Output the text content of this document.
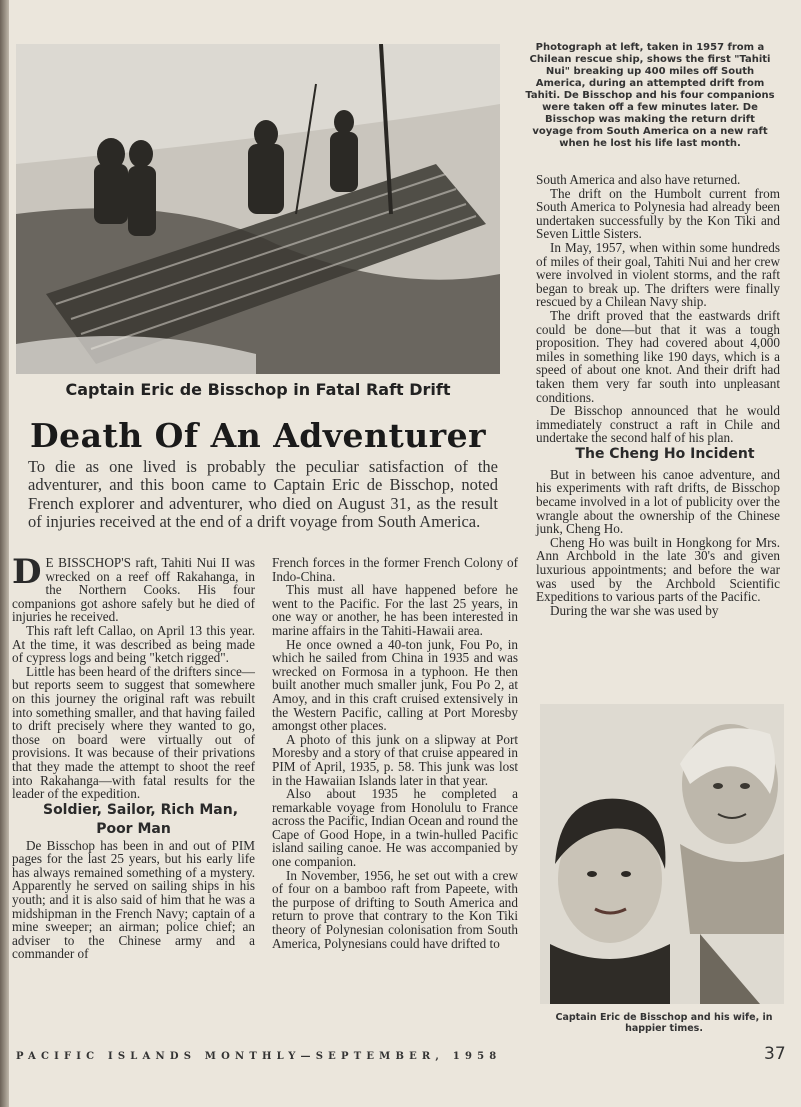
Photograph at left, taken in 1957 from a Chilean rescue ship, shows the first "Tahiti Nui" breaking up 400 miles off South America, during an attempted drift from Tahiti. De Bisschop and his four companions were taken off a few minutes later. De Bisschop was making the return drift voyage from South America on a new raft when he lost his life last month.
Captain Eric de Bisschop in Fatal Raft Drift
Death Of An Adventurer
To die as one lived is probably the peculiar satisfaction of the adventurer, and this boon came to Captain Eric de Bisschop, noted French explorer and adventurer, who died on August 31, as the result of injuries received at the end of a drift voyage from South America.

D E BISSCHOP'S raft, Tahiti Nui II was wrecked on a reef off Rakahanga, in the Northern Cooks. His four companions got ashore safely but he died of injuries he received.

This raft left Callao, on April 13 this year. At the time, it was described as being made of cypress logs and being "ketch rigged".

Little has been heard of the drifters since—but reports seem to suggest that somewhere on this journey the original raft was rebuilt into something smaller, and that having failed to drift precisely where they wanted to go, those on board were virtually out of provisions. It was because of their privations that they made the attempt to shoot the reef into Rakahanga—with fatal results for the leader of the expedition.

Soldier, Sailor, Rich Man, Poor Man

De Bisschop has been in and out of PIM pages for the last 25 years, but his early life has always remained something of a mystery. Apparently he served on sailing ships in his youth; and it is also said of him that he was a midshipman in the French Navy; captain of a mine sweeper; an airman; police chief; an adviser to the Chinese army and a commander of

French forces in the former French Colony of Indo-China.

This must all have happened before he went to the Pacific. For the last 25 years, in one way or another, he has been interested in marine affairs in the Tahiti-Hawaii area.

He once owned a 40-ton junk, Fou Po, in which he sailed from China in 1935 and was wrecked on Formosa in a typhoon. He then built another much smaller junk, Fou Po 2, at Amoy, and in this craft cruised extensively in the Western Pacific, calling at Port Moresby amongst other places.

A photo of this junk on a slipway at Port Moresby and a story of that cruise appeared in PIM of April, 1935, p. 58. This junk was lost in the Hawaiian Islands later in that year.

Also about 1935 he completed a remarkable voyage from Honolulu to France across the Pacific, Indian Ocean and round the Cape of Good Hope, in a twin-hulled Pacific island sailing canoe. He was accompanied by one companion.

In November, 1956, he set out with a crew of four on a bamboo raft from Papeete, with the purpose of drifting to South America and return to prove that contrary to the Kon Tiki theory of Polynesian colonisation from South America, Polynesians could have drifted to

South America and also have returned.

The drift on the Humbolt current from South America to Polynesia had already been undertaken successfully by the Kon Tiki and Seven Little Sisters.

In May, 1957, when within some hundreds of miles of their goal, Tahiti Nui and her crew were involved in violent storms, and the raft began to break up. The drifters were finally rescued by a Chilean Navy ship.

The drift proved that the eastwards drift could be done—but that it was a tough proposition. They had covered about 4,000 miles in something like 190 days, which is a speed of about one knot. And their drift had taken them very far south into unpleasant conditions.

De Bisschop announced that he would immediately construct a raft in Chile and undertake the second half of his plan.

The Cheng Ho Incident

But in between his canoe adventure, and his experiments with raft drifts, de Bisschop became involved in a lot of publicity over the wrangle about the ownership of the Chinese junk, Cheng Ho.

Cheng Ho was built in Hongkong for Mrs. Ann Archbold in the late 30's and given luxurious appointments; and before the war was used by the Archbold Scientific Expeditions to various parts of the Pacific.

During the war she was used by

Captain Eric de Bisschop and his wife, in happier times.
PACIFIC ISLANDS MONTHLY—SEPTEMBER, 1958	37
